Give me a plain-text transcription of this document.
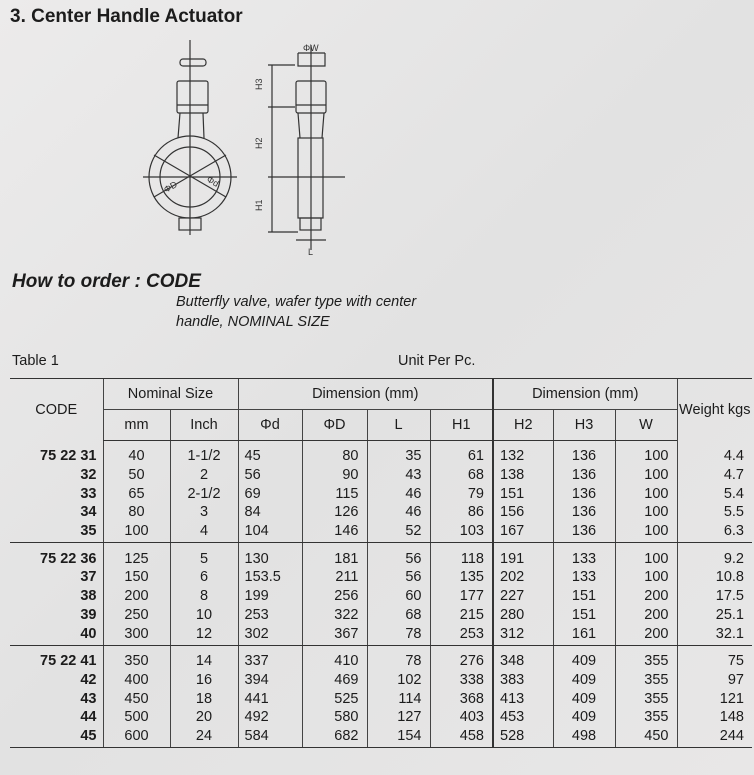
3. Center Handle Actuator
ΦD	Φd
ΦW
H3
H2
H1
L
How to order : CODE
Butterfly valve, wafer type with center
handle, NOMINAL SIZE
Table 1	Unit Per Pc.
CODE	Nominal Size		Dimension (mm)				Dimension (mm)			Weight kgs
	mm	Inch	Φd	ΦD	L	H1	H2	H3	W	
75 22 31	40	1-1/2	45	80	35	61	132	136	100	4.4
32	50	2	56	90	43	68	138	136	100	4.7
33	65	2-1/2	69	115	46	79	151	136	100	5.4
34	80	3	84	126	46	86	156	136	100	5.5
35	100	4	104	146	52	103	167	136	100	6.3
75 22 36	125	5	130	181	56	118	191	133	100	9.2
37	150	6	153.5	211	56	135	202	133	100	10.8
38	200	8	199	256	60	177	227	151	200	17.5
39	250	10	253	322	68	215	280	151	200	25.1
40	300	12	302	367	78	253	312	161	200	32.1
75 22 41	350	14	337	410	78	276	348	409	355	75
42	400	16	394	469	102	338	383	409	355	97
43	450	18	441	525	114	368	413	409	355	121
44	500	20	492	580	127	403	453	409	355	148
45	600	24	584	682	154	458	528	498	450	244
